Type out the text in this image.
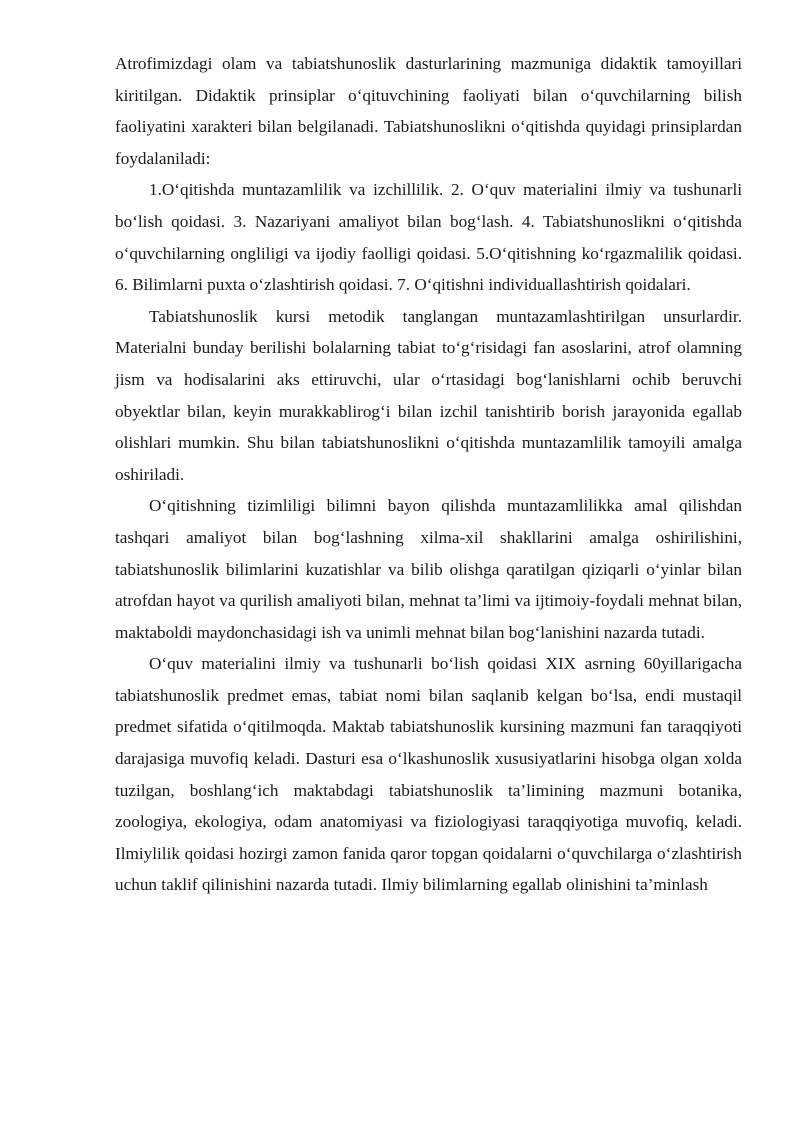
Atrofimizdagi olam va tabiatshunoslik dasturlarining mazmuniga didaktik tamoyillari kiritilgan. Didaktik prinsiplar o‘qituvchining faoliyati bilan o‘quvchilarning bilish faoliyatini xarakteri bilan belgilanadi. Tabiatshunoslikni o‘qitishda quyidagi prinsiplardan foydalaniladi:

1.O‘qitishda muntazamlilik va izchillilik. 2. O‘quv materialini ilmiy va tushunarli bo‘lish qoidasi. 3. Nazariyani amaliyot bilan bog‘lash. 4. Tabiatshunoslikni o‘qitishda o‘quvchilarning ongliligi va ijodiy faolligi qoidasi. 5.O‘qitishning ko‘rgazmalilik qoidasi. 6. Bilimlarni puxta o‘zlashtirish qoidasi. 7. O‘qitishni individuallashtirish qoidalari.

Tabiatshunoslik kursi metodik tanglangan muntazamlashtirilgan unsurlardir. Materialni bunday berilishi bolalarning tabiat to‘g‘risidagi fan asoslarini, atrof olamning jism va hodisalarini aks ettiruvchi, ular o‘rtasidagi bog‘lanishlarni ochib beruvchi obyektlar bilan, keyin murakkablirog‘i bilan izchil tanishtirib borish jarayonida egallab olishlari mumkin. Shu bilan tabiatshunoslikni o‘qitishda muntazamlilik tamoyili amalga oshiriladi.

O‘qitishning tizimliligi bilimni bayon qilishda muntazamlilikka amal qilishdan tashqari amaliyot bilan bog‘lashning xilma-xil shakllarini amalga oshirilishini, tabiatshunoslik bilimlarini kuzatishlar va bilib olishga qaratilgan qiziqarli o‘yinlar bilan atrofdan hayot va qurilish amaliyoti bilan, mehnat ta’limi va ijtimoiy-foydali mehnat bilan, maktaboldi maydonchasidagi ish va unimli mehnat bilan bog‘lanishini nazarda tutadi.

O‘quv materialini ilmiy va tushunarli bo‘lish qoidasi XIX asrning 60yillarigacha tabiatshunoslik predmet emas, tabiat nomi bilan saqlanib kelgan bo‘lsa, endi mustaqil predmet sifatida o‘qitilmoqda. Maktab tabiatshunoslik kursining mazmuni fan taraqqiyoti darajasiga muvofiq keladi. Dasturi esa o‘lkashunoslik xususiyatlarini hisobga olgan xolda tuzilgan, boshlang‘ich maktabdagi tabiatshunoslik ta’limining mazmuni botanika, zoologiya, ekologiya, odam anatomiyasi va fiziologiyasi taraqqiyotiga muvofiq, keladi. Ilmiylilik qoidasi hozirgi zamon fanida qaror topgan qoidalarni o‘quvchilarga o‘zlashtirish uchun taklif qilinishini nazarda tutadi. Ilmiy bilimlarning egallab olinishini ta’minlash
